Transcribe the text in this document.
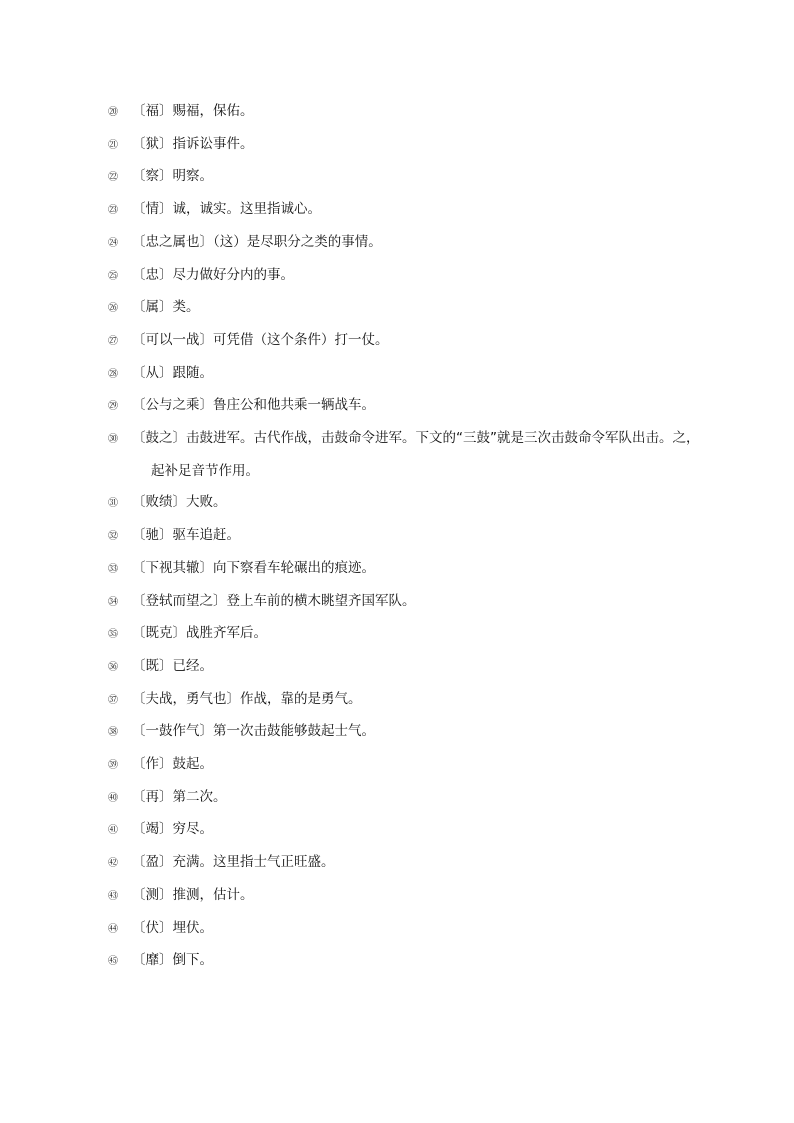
⑳ 〔福〕赐福，保佑。
㉑ 〔狱〕指诉讼事件。
㉒ 〔察〕明察。
㉓ 〔情〕诚，诚实。这里指诚心。
㉔ 〔忠之属也〕（这）是尽职分之类的事情。
㉕ 〔忠〕尽力做好分内的事。
㉖ 〔属〕类。
㉗ 〔可以一战〕可凭借（这个条件）打一仗。
㉘ 〔从〕跟随。
㉙ 〔公与之乘〕鲁庄公和他共乘一辆战车。
㉚ 〔鼓之〕击鼓进军。古代作战，击鼓命令进军。下文的“三鼓”就是三次击鼓命令军队出击。之，
起补足音节作用。
㉛ 〔败绩〕大败。
㉜ 〔驰〕驱车追赶。
㉝ 〔下视其辙〕向下察看车轮碾出的痕迹。
㉞ 〔登轼而望之〕登上车前的横木眺望齐国军队。
㉟ 〔既克〕战胜齐军后。
㊱ 〔既〕已经。
㊲ 〔夫战，勇气也〕作战，靠的是勇气。
㊳ 〔一鼓作气〕第一次击鼓能够鼓起士气。
㊴ 〔作〕鼓起。
㊵ 〔再〕第二次。
㊶ 〔竭〕穷尽。
㊷ 〔盈〕充满。这里指士气正旺盛。
㊸ 〔测〕推测，估计。
㊹ 〔伏〕埋伏。
㊺ 〔靡〕倒下。
